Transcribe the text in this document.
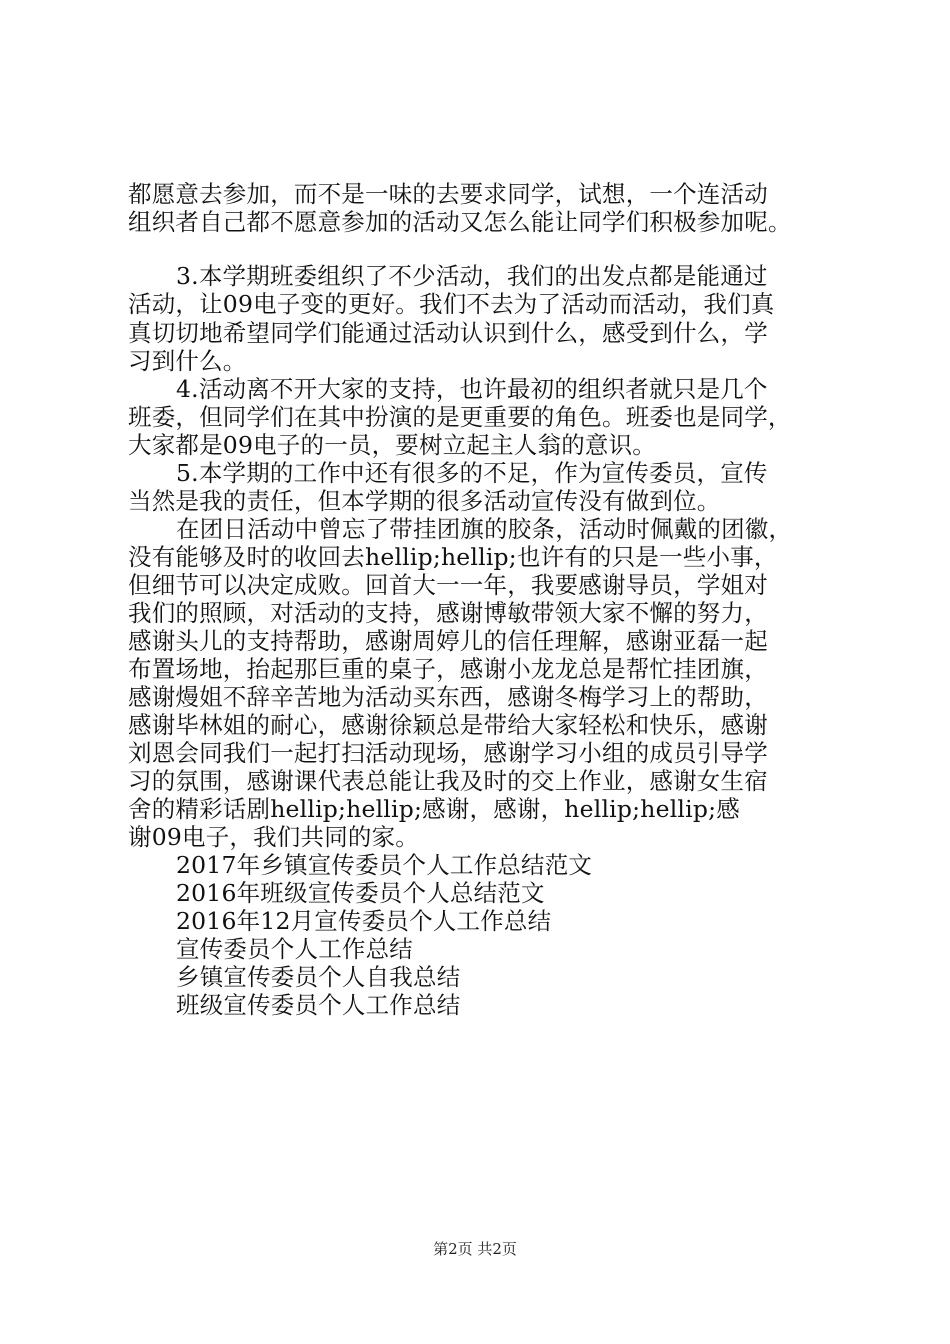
都愿意去参加，而不是一味的去要求同学，试想，一个连活动
组织者自己都不愿意参加的活动又怎么能让同学们积极参加呢。
3.本学期班委组织了不少活动，我们的出发点都是能通过
活动，让09电子变的更好。我们不去为了活动而活动，我们真
真切切地希望同学们能通过活动认识到什么，感受到什么，学
习到什么。
4.活动离不开大家的支持，也许最初的组织者就只是几个
班委，但同学们在其中扮演的是更重要的角色。班委也是同学，
大家都是09电子的一员，要树立起主人翁的意识。
5.本学期的工作中还有很多的不足，作为宣传委员，宣传
当然是我的责任，但本学期的很多活动宣传没有做到位。
在团日活动中曾忘了带挂团旗的胶条，活动时佩戴的团徽，
没有能够及时的收回去hellip;hellip;也许有的只是一些小事，
但细节可以决定成败。回首大一一年，我要感谢导员，学姐对
我们的照顾，对活动的支持，感谢博敏带领大家不懈的努力，
感谢头儿的支持帮助，感谢周婷儿的信任理解，感谢亚磊一起
布置场地，抬起那巨重的桌子，感谢小龙龙总是帮忙挂团旗，
感谢熳姐不辞辛苦地为活动买东西，感谢冬梅学习上的帮助，
感谢毕林姐的耐心，感谢徐颖总是带给大家轻松和快乐，感谢
刘恩会同我们一起打扫活动现场，感谢学习小组的成员引导学
习的氛围，感谢课代表总能让我及时的交上作业，感谢女生宿
舍的精彩话剧hellip;hellip;感谢，感谢，hellip;hellip;感
谢09电子，我们共同的家。
2017年乡镇宣传委员个人工作总结范文
2016年班级宣传委员个人总结范文
2016年12月宣传委员个人工作总结
宣传委员个人工作总结
乡镇宣传委员个人自我总结
班级宣传委员个人工作总结
第2页 共2页
